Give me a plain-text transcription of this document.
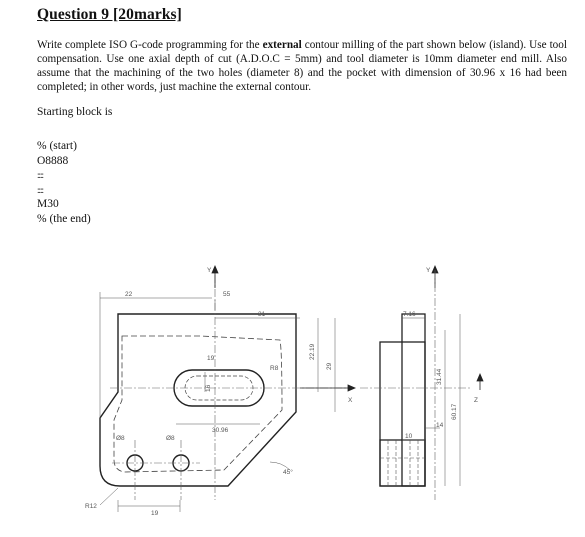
Question 9 [20marks]
Write complete ISO G-code programming for the external contour milling of the part shown below (island). Use tool compensation. Use one axial depth of cut (A.D.O.C = 5mm) and tool diameter is 10mm diameter end mill. Also assume that the machining of the two holes (diameter 8) and the pocket with dimension of 30.96 x 16 had been completed; in other words, just machine the external contour.
Starting block is
% (start)
O8888
::::
::::
M30
% (the end)
22	55
31
19
R8
22.19
29
30.96
Ø8	Ø8
16
45°
R12
19
7.16
31.44
60.17
14
10
Y
X
Y
Z
